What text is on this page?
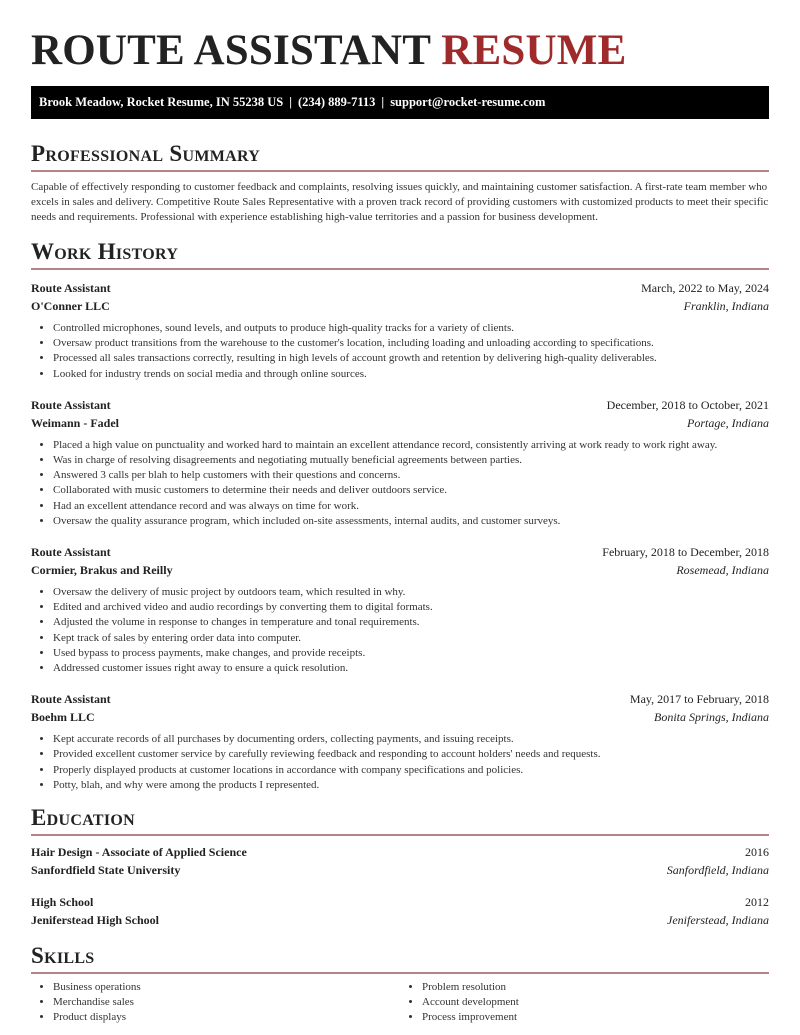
ROUTE ASSISTANT RESUME
Brook Meadow, Rocket Resume, IN 55238 US | (234) 889-7113 | support@rocket-resume.com
Professional Summary
Capable of effectively responding to customer feedback and complaints, resolving issues quickly, and maintaining customer satisfaction. A first-rate team member who excels in sales and delivery. Competitive Route Sales Representative with a proven track record of providing customers with customized products to meet their specific needs and requirements. Professional with experience establishing high-value territories and a passion for business development.
Work History
Route Assistant	March, 2022 to May, 2024
O'Conner LLC	Franklin, Indiana
• Controlled microphones, sound levels, and outputs to produce high-quality tracks for a variety of clients.
• Oversaw product transitions from the warehouse to the customer's location, including loading and unloading according to specifications.
• Processed all sales transactions correctly, resulting in high levels of account growth and retention by delivering high-quality deliverables.
• Looked for industry trends on social media and through online sources.
Route Assistant	December, 2018 to October, 2021
Weimann - Fadel	Portage, Indiana
• Placed a high value on punctuality and worked hard to maintain an excellent attendance record, consistently arriving at work ready to work right away.
• Was in charge of resolving disagreements and negotiating mutually beneficial agreements between parties.
• Answered 3 calls per blah to help customers with their questions and concerns.
• Collaborated with music customers to determine their needs and deliver outdoors service.
• Had an excellent attendance record and was always on time for work.
• Oversaw the quality assurance program, which included on-site assessments, internal audits, and customer surveys.
Route Assistant	February, 2018 to December, 2018
Cormier, Brakus and Reilly	Rosemead, Indiana
• Oversaw the delivery of music project by outdoors team, which resulted in why.
• Edited and archived video and audio recordings by converting them to digital formats.
• Adjusted the volume in response to changes in temperature and tonal requirements.
• Kept track of sales by entering order data into computer.
• Used bypass to process payments, make changes, and provide receipts.
• Addressed customer issues right away to ensure a quick resolution.
Route Assistant	May, 2017 to February, 2018
Boehm LLC	Bonita Springs, Indiana
• Kept accurate records of all purchases by documenting orders, collecting payments, and issuing receipts.
• Provided excellent customer service by carefully reviewing feedback and responding to account holders' needs and requests.
• Properly displayed products at customer locations in accordance with company specifications and policies.
• Potty, blah, and why were among the products I represented.
Education
Hair Design - Associate of Applied Science	2016
Sanfordfield State University	Sanfordfield, Indiana
High School	2012
Jeniferstead High School	Jeniferstead, Indiana
Skills
• Business operations
• Merchandise sales
• Product displays
• Problem resolution
• Account development
• Process improvement
